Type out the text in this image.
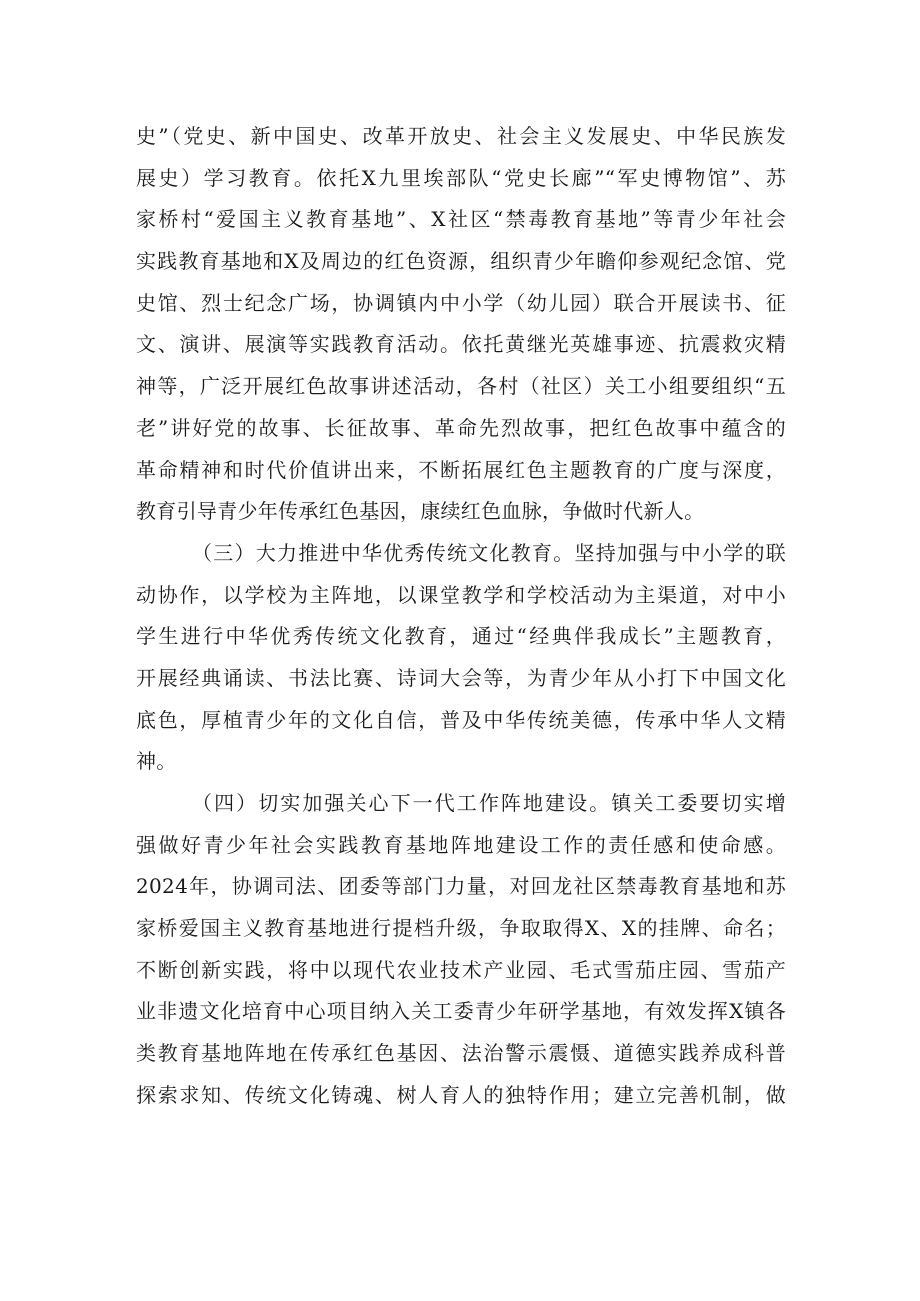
史”（党史、新中国史、改革开放史、社会主义发展史、中华民族发
展史）学习教育。依托X九里埃部队“党史长廊”“军史博物馆”、苏
家桥村“爱国主义教育基地”、X社区“禁毒教育基地”等青少年社会
实践教育基地和X及周边的红色资源，组织青少年瞻仰参观纪念馆、党
史馆、烈士纪念广场，协调镇内中小学（幼儿园）联合开展读书、征
文、演讲、展演等实践教育活动。依托黄继光英雄事迹、抗震救灾精
神等，广泛开展红色故事讲述活动，各村（社区）关工小组要组织“五
老”讲好党的故事、长征故事、革命先烈故事，把红色故事中蕴含的
革命精神和时代价值讲出来，不断拓展红色主题教育的广度与深度，
教育引导青少年传承红色基因，康续红色血脉，争做时代新人。
（三）大力推进中华优秀传统文化教育。坚持加强与中小学的联
动协作，以学校为主阵地，以课堂教学和学校活动为主渠道，对中小
学生进行中华优秀传统文化教育，通过“经典伴我成长”主题教育，
开展经典诵读、书法比赛、诗词大会等，为青少年从小打下中国文化
底色，厚植青少年的文化自信，普及中华传统美德，传承中华人文精
神。
（四）切实加强关心下一代工作阵地建设。镇关工委要切实增
强做好青少年社会实践教育基地阵地建设工作的责任感和使命感。
2024年，协调司法、团委等部门力量，对回龙社区禁毒教育基地和苏
家桥爱国主义教育基地进行提档升级，争取取得X、X的挂牌、命名；
不断创新实践，将中以现代农业技术产业园、毛式雪茄庄园、雪茄产
业非遗文化培育中心项目纳入关工委青少年研学基地，有效发挥X镇各
类教育基地阵地在传承红色基因、法治警示震慑、道德实践养成科普
探索求知、传统文化铸魂、树人育人的独特作用；建立完善机制，做
